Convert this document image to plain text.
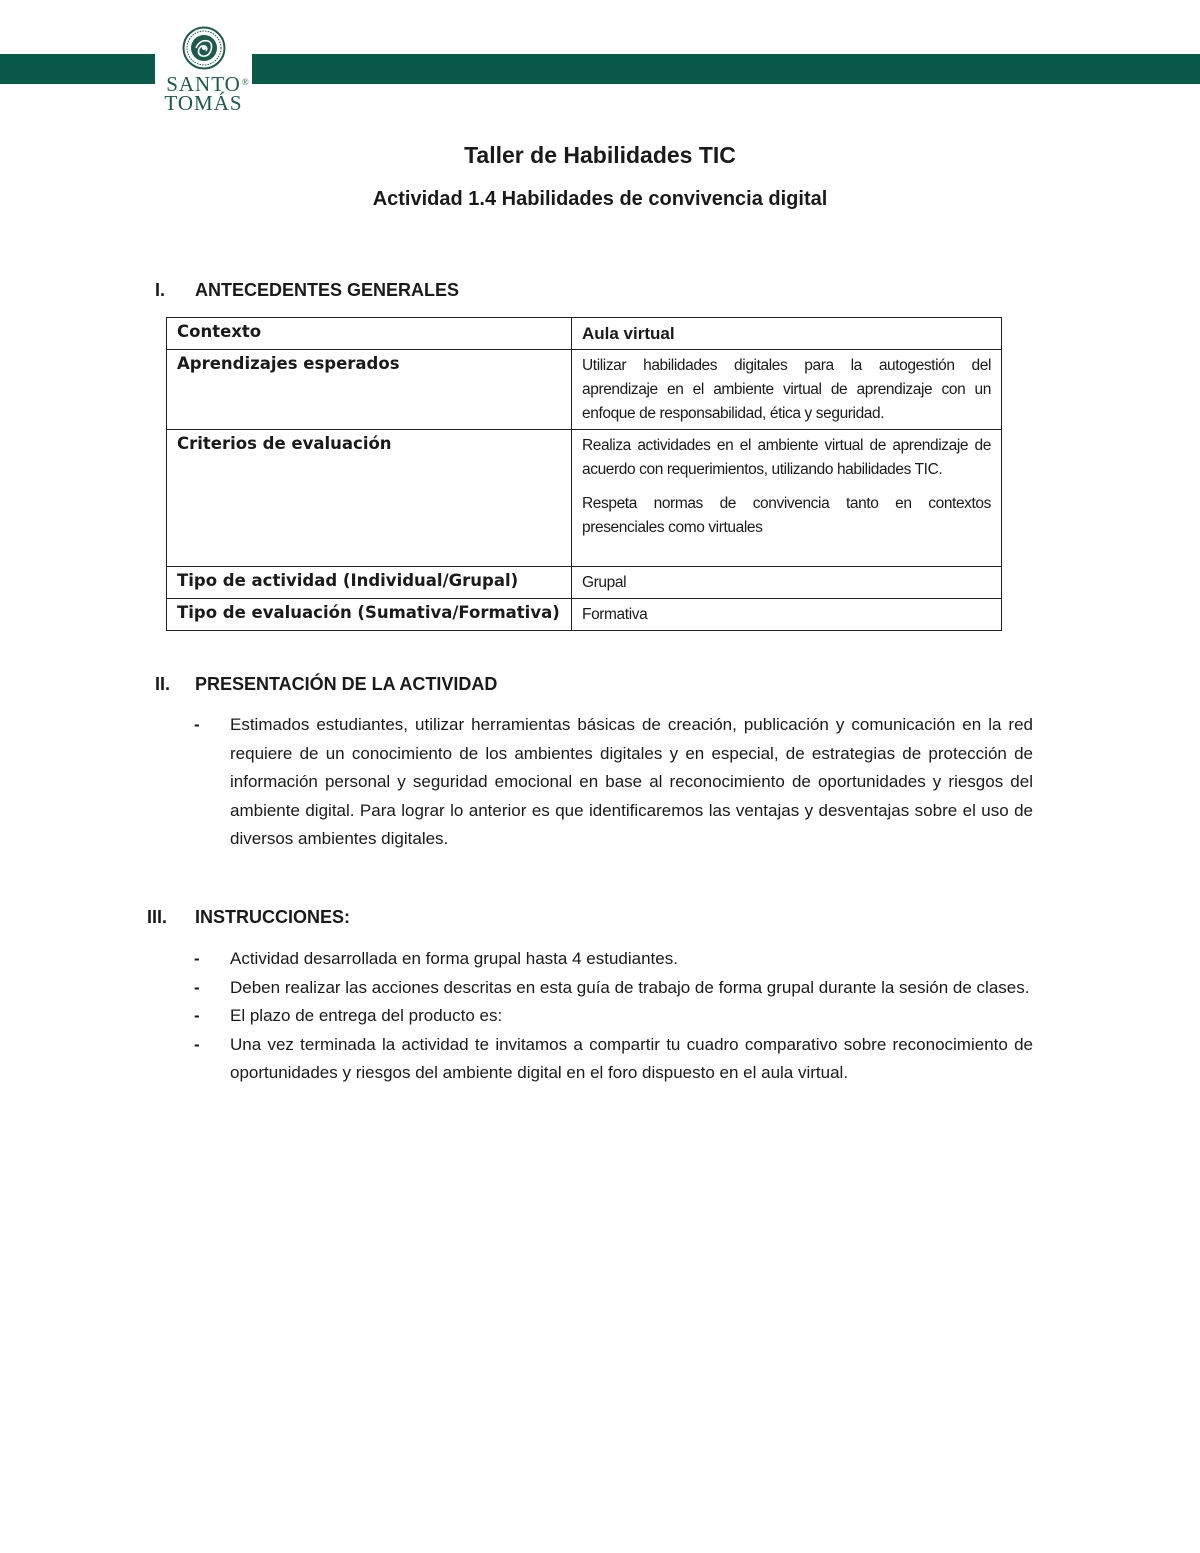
SANTO ®
TOMÁS
Taller de Habilidades TIC
Actividad 1.4 Habilidades de convivencia digital
I.	ANTECEDENTES GENERALES
Contexto	Aula virtual

Aprendizajes esperados	Utilizar habilidades digitales para la autogestión del aprendizaje en el ambiente virtual de aprendizaje con un enfoque de responsabilidad, ética y seguridad.

Criterios de evaluación	Realiza actividades en el ambiente virtual de aprendizaje de acuerdo con requerimientos, utilizando habilidades TIC.

Respeta normas de convivencia tanto en contextos presenciales como virtuales

Tipo de actividad (Individual/Grupal)	Grupal

Tipo de evaluación (Sumativa/Formativa)	Formativa

II.	PRESENTACIÓN DE LA ACTIVIDAD
- Estimados estudiantes, utilizar herramientas básicas de creación, publicación y comunicación en la red requiere de un conocimiento de los ambientes digitales y en especial, de estrategias de protección de información personal y seguridad emocional en base al reconocimiento de oportunidades y riesgos del ambiente digital. Para lograr lo anterior es que identificaremos las ventajas y desventajas sobre el uso de diversos ambientes digitales.
III.	INSTRUCCIONES:
- Actividad desarrollada en forma grupal hasta 4 estudiantes.
- Deben realizar las acciones descritas en esta guía de trabajo de forma grupal durante la sesión de clases.
- El plazo de entrega del producto es:
- Una vez terminada la actividad te invitamos a compartir tu cuadro comparativo sobre reconocimiento de oportunidades y riesgos del ambiente digital en el foro dispuesto en el aula virtual.
